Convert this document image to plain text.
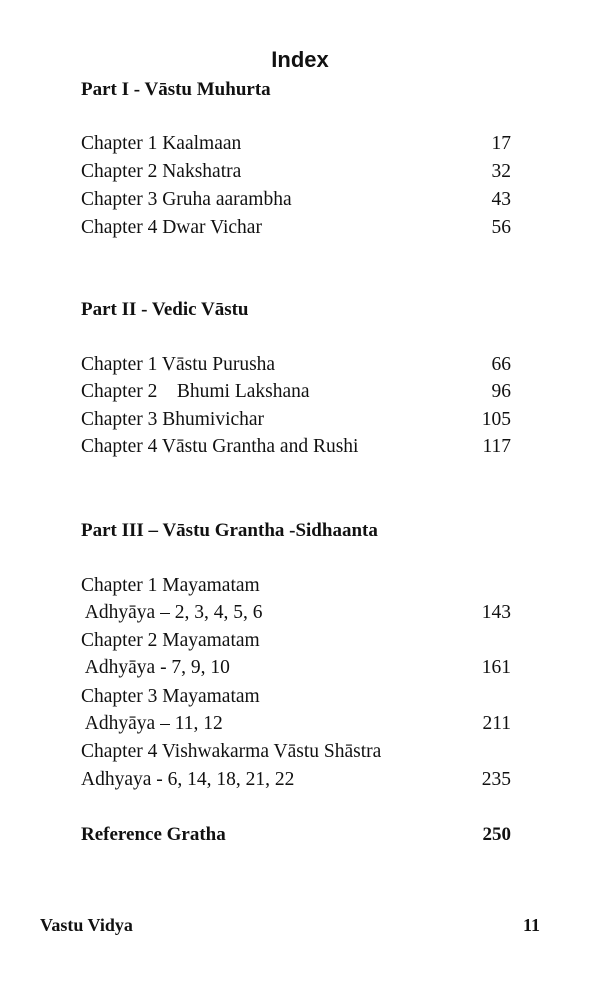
Index
Part I - Vāstu Muhurta
Chapter 1 Kaalmaan	17
Chapter 2 Nakshatra	32
Chapter 3 Gruha aarambha	43
Chapter 4 Dwar Vichar	56
Part II - Vedic Vāstu
Chapter 1 Vāstu Purusha	66
Chapter 2    Bhumi Lakshana	96
Chapter 3 Bhumivichar	105
Chapter 4 Vāstu Grantha and Rushi	117
Part III – Vāstu Grantha -Sidhaanta
Chapter 1 Mayamatam
Adhyāya – 2, 3, 4, 5, 6	143
Chapter 2 Mayamatam
Adhyāya - 7, 9, 10	161
Chapter 3 Mayamatam
Adhyāya – 11, 12	211
Chapter 4 Vishwakarma Vāstu Shāstra
Adhyaya - 6, 14, 18, 21, 22	235
Reference Gratha	250
Vastu Vidya	11
